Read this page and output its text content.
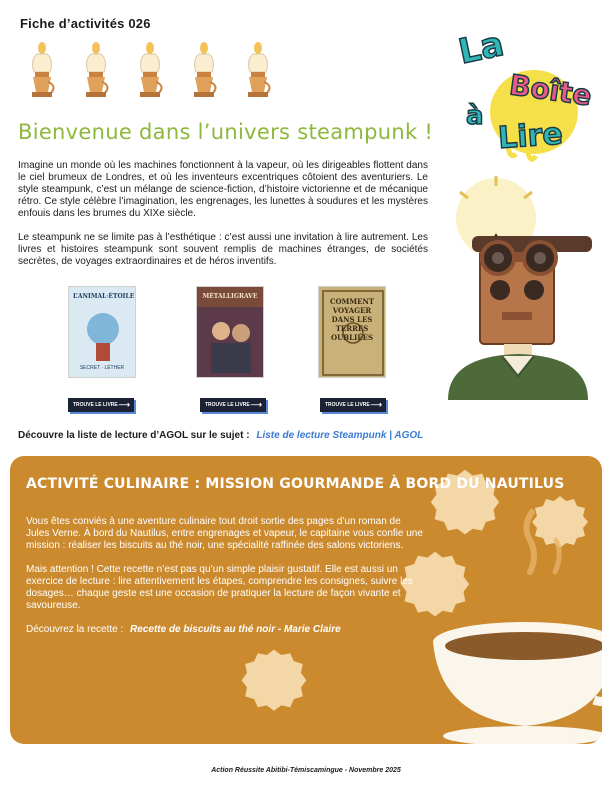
Fiche d’activités 026
La
Boîte
à
Lire
Bienvenue dans l’univers steampunk !

Imagine un monde où les machines fonctionnent à la vapeur, où les dirigeables flottent dans le ciel brumeux de Londres, et où les inventeurs excentriques côtoient des aventuriers. Le style steampunk, c’est un mélange de science-fiction, d’histoire victorienne et de mécanique rétro. Ce style célèbre l’imagination, les engrenages, les lunettes à soudures et les mystères enfouis dans les brumes du XIXe siècle.

Le steampunk ne se limite pas à l’esthétique : c’est aussi une invitation à lire autrement. Les livres et histoires steampunk sont souvent remplis de machines étranges, de sociétés secrètes, de voyages extraordinaires et de héros inventifs.

L’ANIMAL·ÉTOILE
SECRET · LÉTHER
TROUVE LE LIVRE ⟶
MÉTALLIGRAVE
TROUVE LE LIVRE ⟶
COMMENT VOYAGER DANS LES TERRES OUBLIÉES
TROUVE LE LIVRE ⟶
Découvre la liste de lecture d’AGOL sur le sujet : Liste de lecture Steampunk | AGOL
ACTIVITÉ CULINAIRE : MISSION GOURMANDE À BORD DU NAUTILUS

Vous êtes conviés à une aventure culinaire tout droit sortie des pages d’un roman de Jules Verne. À bord du Nautilus, entre engrenages et vapeur, le capitaine vous confie une mission : réaliser les biscuits au thé noir, une spécialité raffinée des salons victoriens.

Mais attention ! Cette recette n’est pas qu’un simple plaisir gustatif. Elle est aussi un exercice de lecture : lire attentivement les étapes, comprendre les consignes, suivre les dosages… chaque geste est une occasion de pratiquer la lecture de façon vivante et savoureuse.

Découvrez la recette : Recette de biscuits au thé noir - Marie Claire

Action Réussite Abitibi-Témiscamingue - Novembre 2025
